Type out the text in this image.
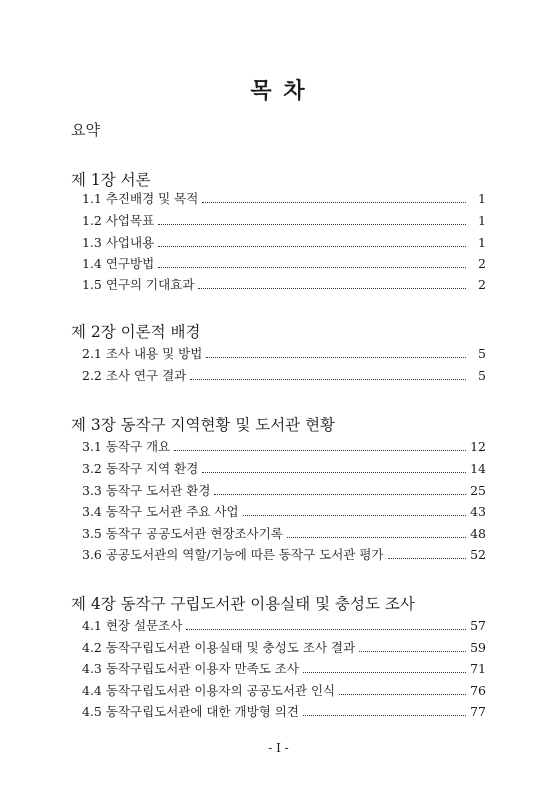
목 차
요약
제 1장 서론
1.1 추진배경 및 목적	1
1.2 사업목표	1
1.3 사업내용	1
1.4 연구방법	2
1.5 연구의 기대효과	2
제 2장 이론적 배경
2.1 조사 내용 및 방법	5
2.2 조사 연구 결과	5
제 3장 동작구 지역현황 및 도서관 현황
3.1 동작구 개요	12
3.2 동작구 지역 환경	14
3.3 동작구 도서관 환경	25
3.4 동작구 도서관 주요 사업	43
3.5 동작구 공공도서관 현장조사기록	48
3.6 공공도서관의 역할/기능에 따른 동작구 도서관 평가	52
제 4장 동작구 구립도서관 이용실태 및 충성도 조사
4.1 현장 설문조사	57
4.2 동작구립도서관 이용실태 및 충성도 조사 결과	59
4.3 동작구립도서관 이용자 만족도 조사	71
4.4 동작구립도서관 이용자의 공공도서관 인식	76
4.5 동작구립도서관에 대한 개방형 의견	77
- I -
